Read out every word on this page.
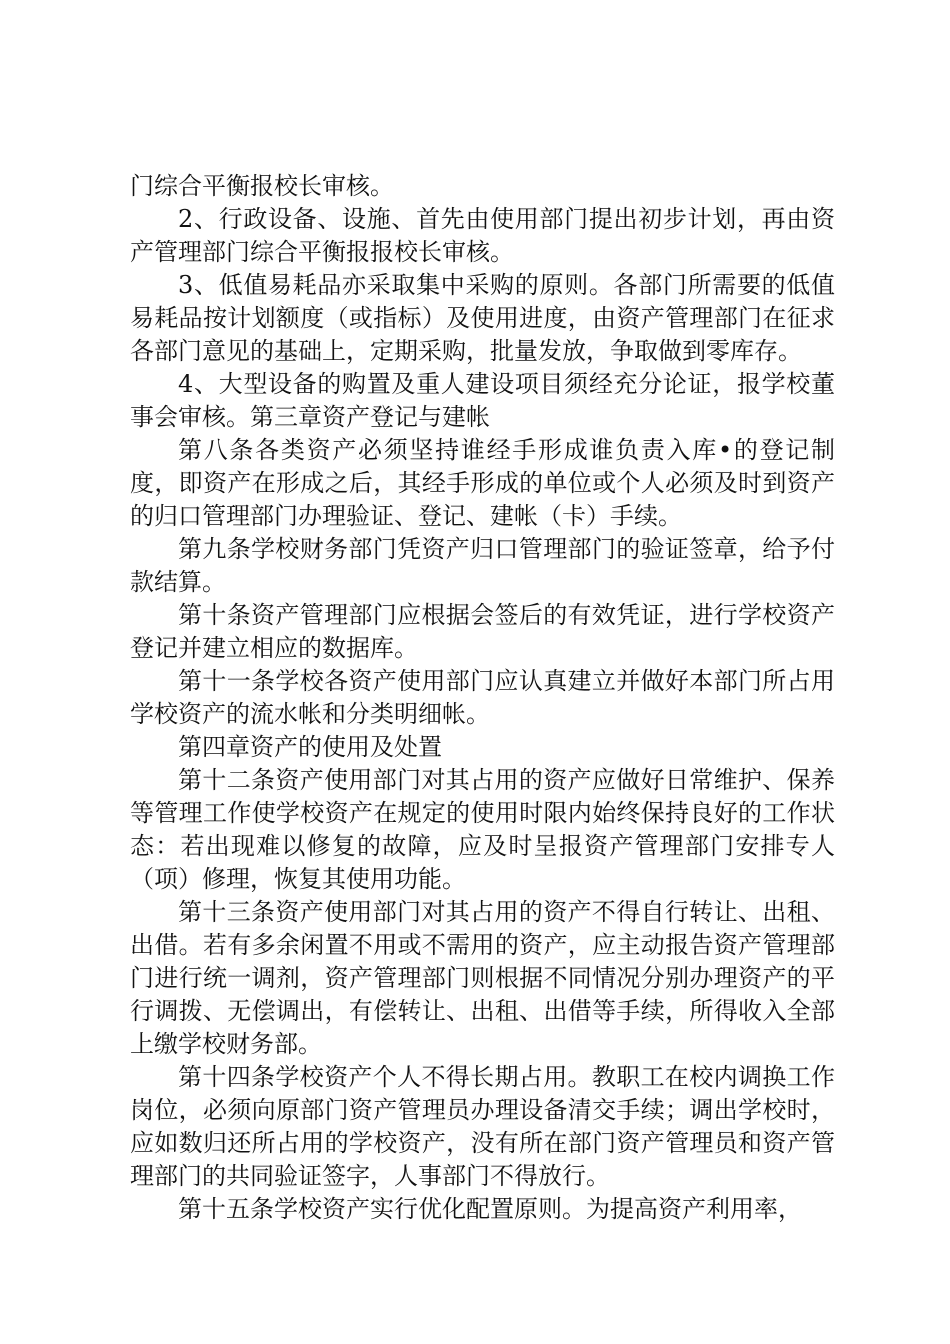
门综合平衡报校长审核。

2、行政设备、设施、首先由使用部门提出初步计划，再由资产管理部门综合平衡报报校长审核。

3、低值易耗品亦采取集中采购的原则。各部门所需要的低值易耗品按计划额度（或指标）及使用进度，由资产管理部门在征求各部门意见的基础上，定期采购，批量发放，争取做到零库存。

4、大型设备的购置及重人建设项目须经充分论证，报学校董事会审核。第三章资产登记与建帐

第八条各类资产必须坚持谁经手形成谁负责入库•的登记制度，即资产在形成之后，其经手形成的单位或个人必须及时到资产的归口管理部门办理验证、登记、建帐（卡）手续。

第九条学校财务部门凭资产归口管理部门的验证签章，给予付款结算。

第十条资产管理部门应根据会签后的有效凭证，进行学校资产登记并建立相应的数据库。

第十一条学校各资产使用部门应认真建立并做好本部门所占用学校资产的流水帐和分类明细帐。

第四章资产的使用及处置

第十二条资产使用部门对其占用的资产应做好日常维护、保养等管理工作使学校资产在规定的使用时限内始终保持良好的工作状态：若出现难以修复的故障，应及时呈报资产管理部门安排专人（项）修理，恢复其使用功能。

第十三条资产使用部门对其占用的资产不得自行转让、出租、出借。若有多余闲置不用或不需用的资产，应主动报告资产管理部门进行统一调剂，资产管理部门则根据不同情况分别办理资产的平行调拨、无偿调出，有偿转让、出租、出借等手续，所得收入全部上缴学校财务部。

第十四条学校资产个人不得长期占用。教职工在校内调换工作岗位，必须向原部门资产管理员办理设备清交手续；调出学校时，应如数归还所占用的学校资产，没有所在部门资产管理员和资产管理部门的共同验证签字，人事部门不得放行。

第十五条学校资产实行优化配置原则。为提高资产利用率，
